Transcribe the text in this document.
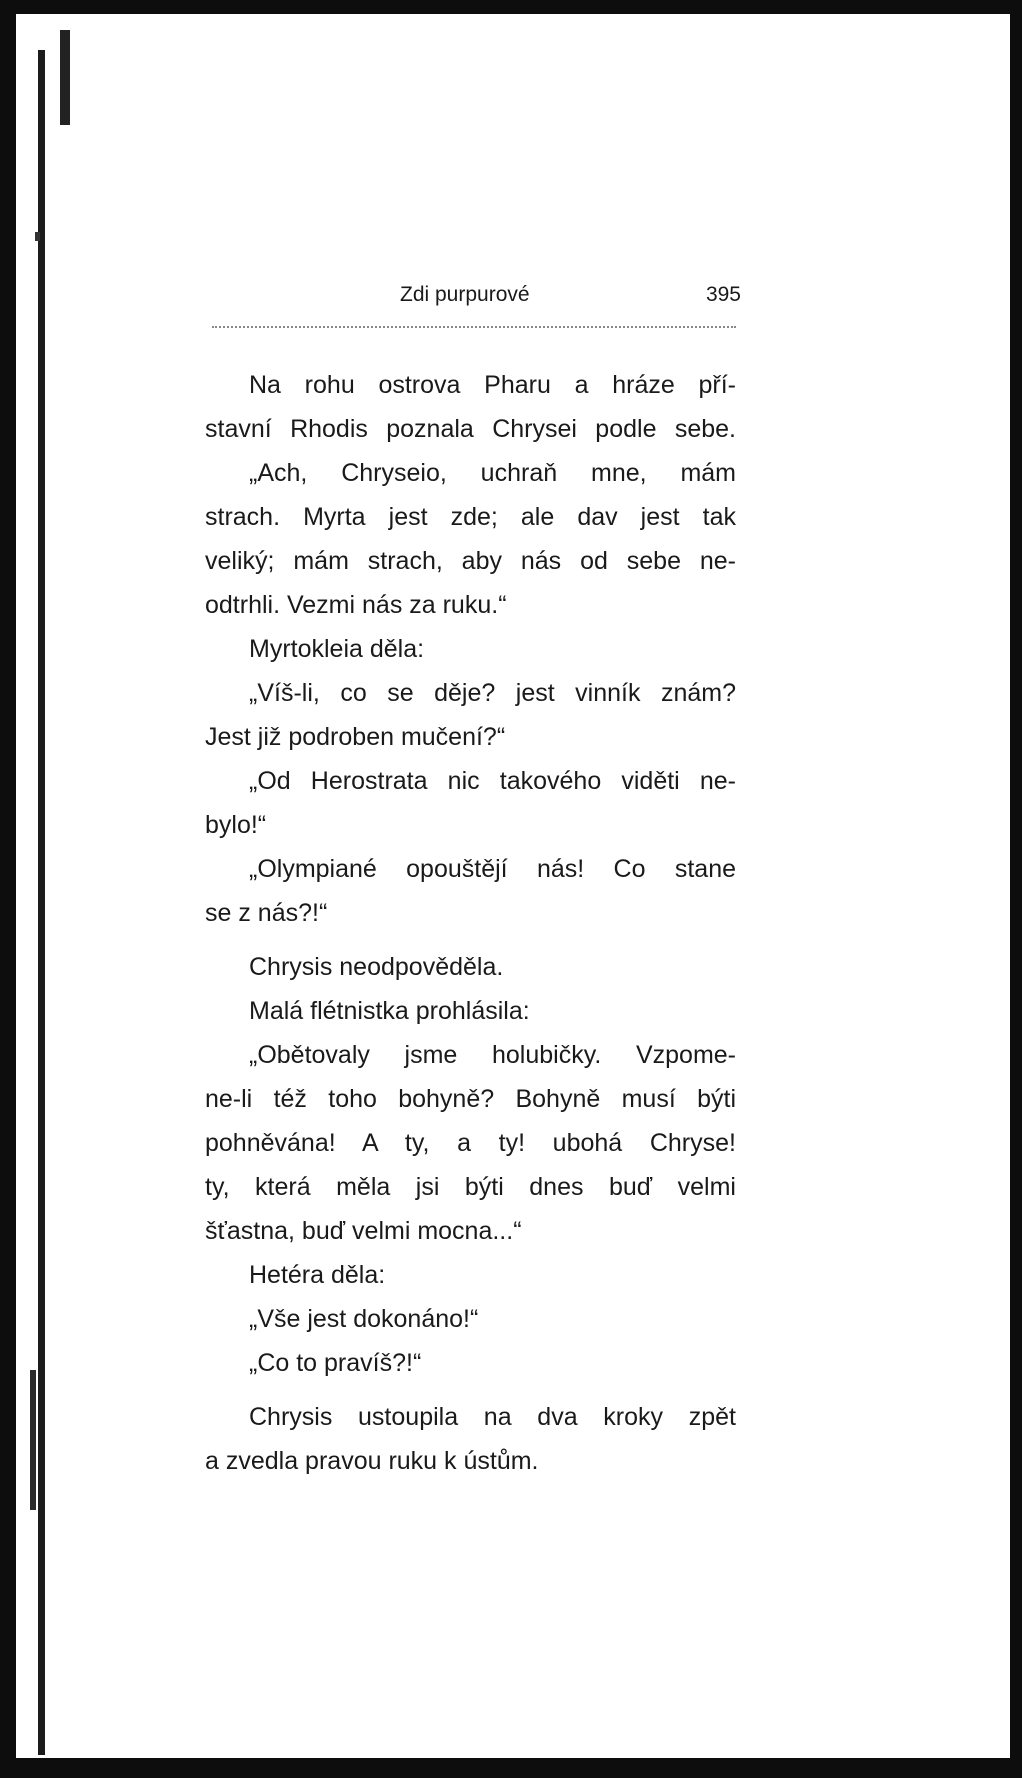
Zdi purpurové	395
Na rohu ostrova Pharu a hráze pří-
stavní Rhodis poznala Chrysei podle sebe.
„Ach, Chryseio, uchraň mne, mám
strach. Myrta jest zde; ale dav jest tak
veliký; mám strach, aby nás od sebe ne-
odtrhli. Vezmi nás za ruku.“
Myrtokleia děla:
„Víš-li, co se děje? jest vinník znám?
Jest již podroben mučení?“
„Od Herostrata nic takového viděti ne-
bylo!“
„Olympiané opouštějí nás! Co stane
se z nás?!“
Chrysis neodpověděla.
Malá flétnistka prohlásila:
„Obětovaly jsme holubičky. Vzpome-
ne-li též toho bohyně? Bohyně musí býti
pohněvána! A ty, a ty! ubohá Chryse!
ty, která měla jsi býti dnes buď velmi
šťastna, buď velmi mocna...“
Hetéra děla:
„Vše jest dokonáno!“
„Co to pravíš?!“
Chrysis ustoupila na dva kroky zpět
a zvedla pravou ruku k ústům.
